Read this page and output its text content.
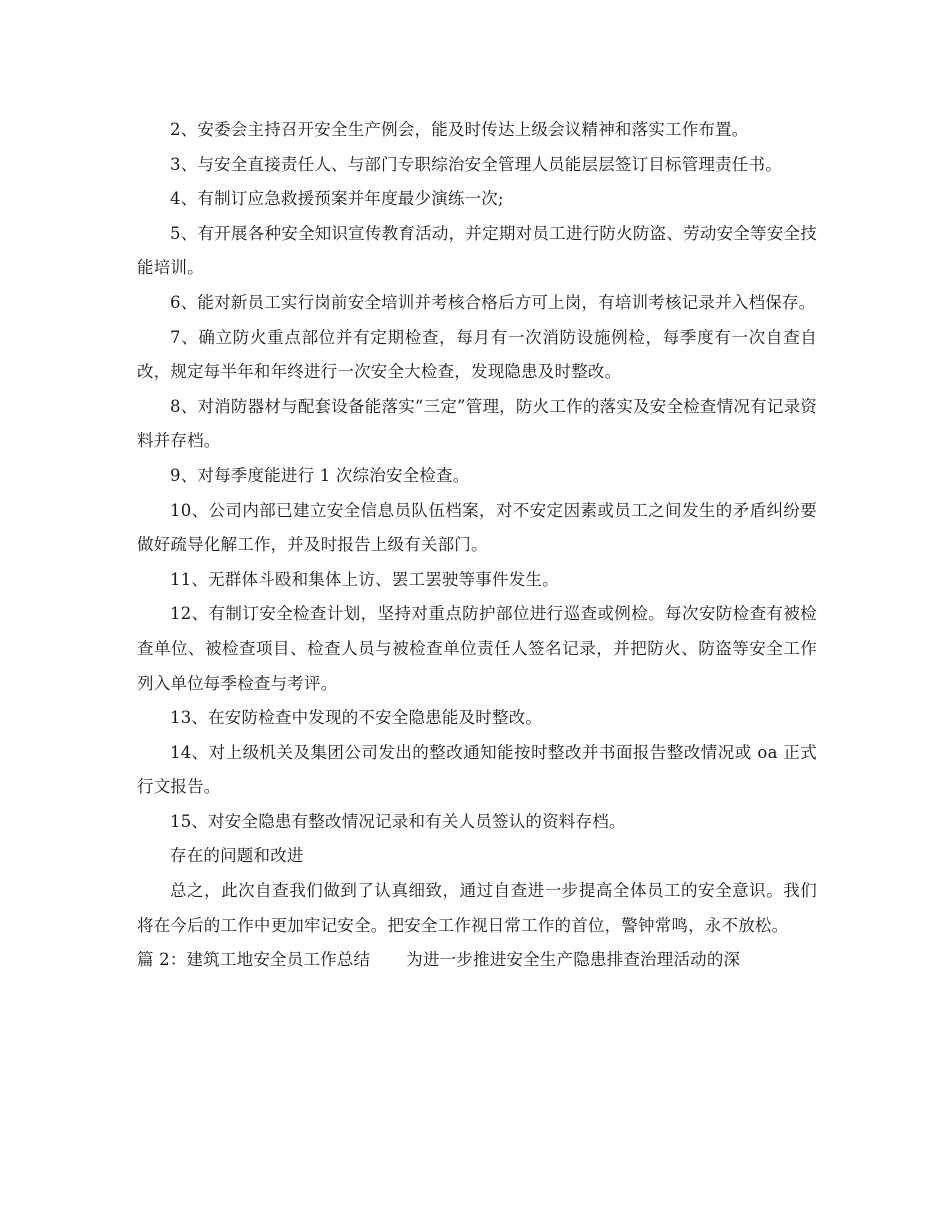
2、安委会主持召开安全生产例会，能及时传达上级会议精神和落实工作布置。

3、与安全直接责任人、与部门专职综治安全管理人员能层层签订目标管理责任书。

4、有制订应急救援预案并年度最少演练一次;

5、有开展各种安全知识宣传教育活动，并定期对员工进行防火防盗、劳动安全等安全技能培训。

6、能对新员工实行岗前安全培训并考核合格后方可上岗，有培训考核记录并入档保存。

7、确立防火重点部位并有定期检查，每月有一次消防设施例检，每季度有一次自查自改，规定每半年和年终进行一次安全大检查，发现隐患及时整改。

8、对消防器材与配套设备能落实“三定”管理，防火工作的落实及安全检查情况有记录资料并存档。

9、对每季度能进行 1 次综治安全检查。

10、公司内部已建立安全信息员队伍档案，对不安定因素或员工之间发生的矛盾纠纷要做好疏导化解工作，并及时报告上级有关部门。

11、无群体斗殴和集体上访、罢工罢驶等事件发生。

12、有制订安全检查计划，坚持对重点防护部位进行巡查或例检。每次安防检查有被检查单位、被检查项目、检查人员与被检查单位责任人签名记录，并把防火、防盗等安全工作列入单位每季检查与考评。

13、在安防检查中发现的不安全隐患能及时整改。

14、对上级机关及集团公司发出的整改通知能按时整改并书面报告整改情况或 oa 正式行文报告。

15、对安全隐患有整改情况记录和有关人员签认的资料存档。

存在的问题和改进

总之，此次自查我们做到了认真细致，通过自查进一步提高全体员工的安全意识。我们将在今后的工作中更加牢记安全。把安全工作视日常工作的首位，警钟常鸣，永不放松。

篇 2：建筑工地安全员工作总结 为进一步推进安全生产隐患排查治理活动的深
